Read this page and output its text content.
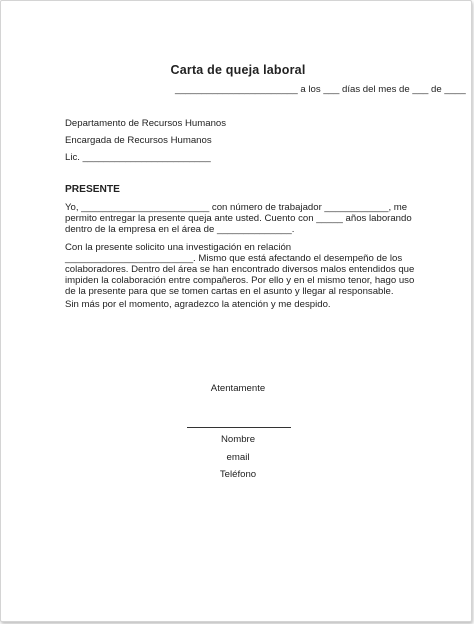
Carta de queja laboral
_______________________ a los ___ días del mes de ___ de ____
Departamento de Recursos Humanos
Encargada de Recursos Humanos
Lic. ________________________
PRESENTE
Yo, ________________________ con número de trabajador ____________, me permito entregar la presente queja ante usted. Cuento con _____ años laborando dentro de la empresa en el área de ______________.
Con la presente solicito una investigación en relación ________________________. Mismo que está afectando el desempeño de los colaboradores. Dentro del área se han encontrado diversos malos entendidos que impiden la colaboración entre compañeros. Por ello y en el mismo tenor, hago uso de la presente para que se tomen cartas en el asunto y llegar al responsable.
Sin más por el momento, agradezco la atención y me despido.
Atentamente
Nombre
email
Teléfono
